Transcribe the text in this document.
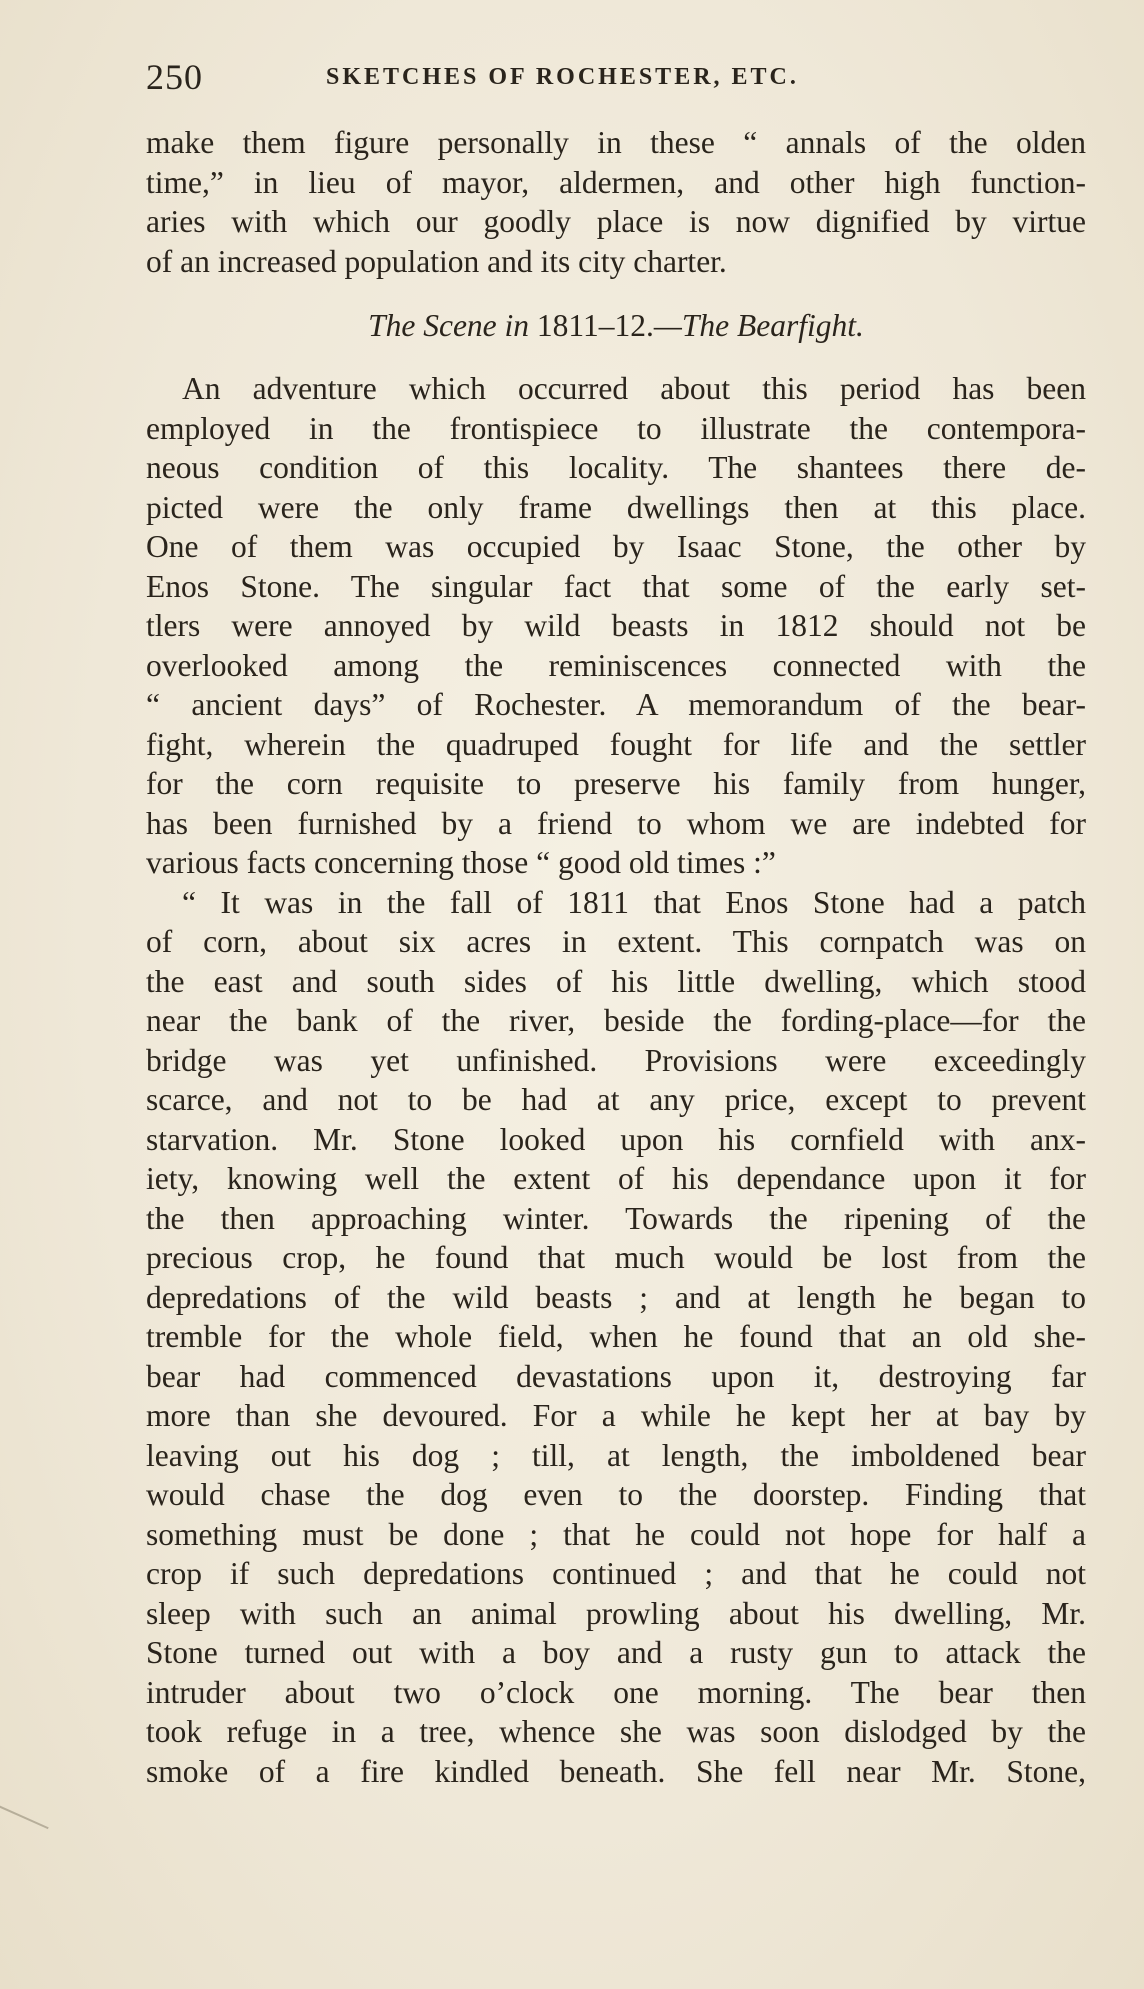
250	SKETCHES OF ROCHESTER, ETC.
make them figure personally in these “ annals of the olden
time,” in lieu of mayor, aldermen, and other high function-
aries with which our goodly place is now dignified by virtue
of an increased population and its city charter.
The Scene in 1811–12.—The Bearfight.
An adventure which occurred about this period has been
employed in the frontispiece to illustrate the contempora-
neous condition of this locality. The shantees there de-
picted were the only frame dwellings then at this place.
One of them was occupied by Isaac Stone, the other by
Enos Stone. The singular fact that some of the early set-
tlers were annoyed by wild beasts in 1812 should not be
overlooked among the reminiscences connected with the
“ ancient days” of Rochester. A memorandum of the bear-
fight, wherein the quadruped fought for life and the settler
for the corn requisite to preserve his family from hunger,
has been furnished by a friend to whom we are indebted for
various facts concerning those “ good old times :”
“ It was in the fall of 1811 that Enos Stone had a patch
of corn, about six acres in extent. This cornpatch was on
the east and south sides of his little dwelling, which stood
near the bank of the river, beside the fording-place—for the
bridge was yet unfinished. Provisions were exceedingly
scarce, and not to be had at any price, except to prevent
starvation. Mr. Stone looked upon his cornfield with anx-
iety, knowing well the extent of his dependance upon it for
the then approaching winter. Towards the ripening of the
precious crop, he found that much would be lost from the
depredations of the wild beasts ; and at length he began to
tremble for the whole field, when he found that an old she-
bear had commenced devastations upon it, destroying far
more than she devoured. For a while he kept her at bay by
leaving out his dog ; till, at length, the imboldened bear
would chase the dog even to the doorstep. Finding that
something must be done ; that he could not hope for half a
crop if such depredations continued ; and that he could not
sleep with such an animal prowling about his dwelling, Mr.
Stone turned out with a boy and a rusty gun to attack the
intruder about two o’clock one morning. The bear then
took refuge in a tree, whence she was soon dislodged by the
smoke of a fire kindled beneath. She fell near Mr. Stone,
